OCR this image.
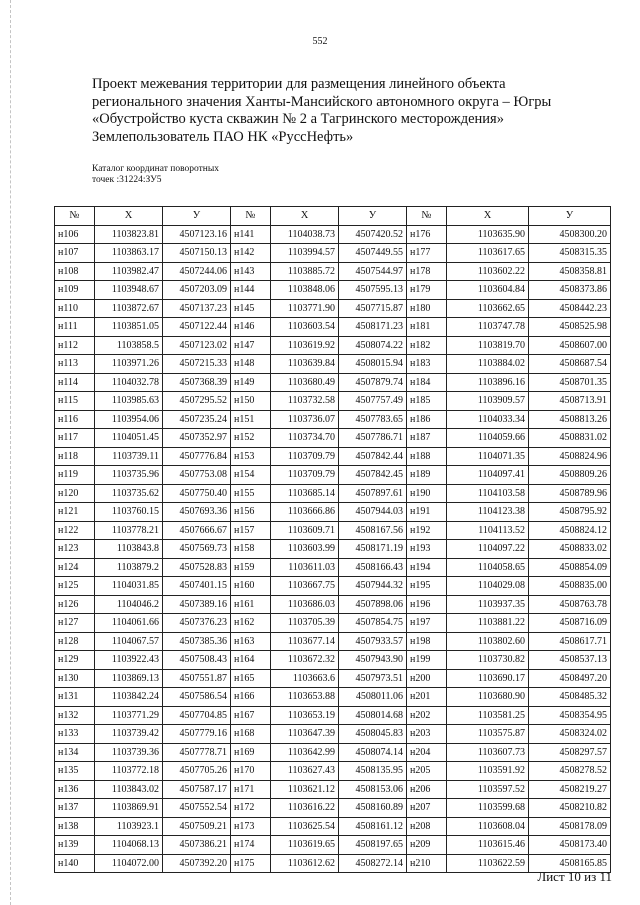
552
Проект межевания территории для размещения линейного объекта
регионального значения Ханты-Мансийского автономного округа – Югры
«Обустройство куста скважин № 2 а Тагринского месторождения»
Землепользователь ПАО НК «РуссНефть»
Каталог координат поворотных
точек :31224:ЗУ5
№	X	У	№	X	У	№	X	У
н106	1103823.81	4507123.16	н141	1104038.73	4507420.52	н176	1103635.90	4508300.20
н107	1103863.17	4507150.13	н142	1103994.57	4507449.55	н177	1103617.65	4508315.35
н108	1103982.47	4507244.06	н143	1103885.72	4507544.97	н178	1103602.22	4508358.81
н109	1103948.67	4507203.09	н144	1103848.06	4507595.13	н179	1103604.84	4508373.86
н110	1103872.67	4507137.23	н145	1103771.90	4507715.87	н180	1103662.65	4508442.23
н111	1103851.05	4507122.44	н146	1103603.54	4508171.23	н181	1103747.78	4508525.98
н112	1103858.5	4507123.02	н147	1103619.92	4508074.22	н182	1103819.70	4508607.00
н113	1103971.26	4507215.33	н148	1103639.84	4508015.94	н183	1103884.02	4508687.54
н114	1104032.78	4507368.39	н149	1103680.49	4507879.74	н184	1103896.16	4508701.35
н115	1103985.63	4507295.52	н150	1103732.58	4507757.49	н185	1103909.57	4508713.91
н116	1103954.06	4507235.24	н151	1103736.07	4507783.65	н186	1104033.34	4508813.26
н117	1104051.45	4507352.97	н152	1103734.70	4507786.71	н187	1104059.66	4508831.02
н118	1103739.11	4507776.84	н153	1103709.79	4507842.44	н188	1104071.35	4508824.96
н119	1103735.96	4507753.08	н154	1103709.79	4507842.45	н189	1104097.41	4508809.26
н120	1103735.62	4507750.40	н155	1103685.14	4507897.61	н190	1104103.58	4508789.96
н121	1103760.15	4507693.36	н156	1103666.86	4507944.03	н191	1104123.38	4508795.92
н122	1103778.21	4507666.67	н157	1103609.71	4508167.56	н192	1104113.52	4508824.12
н123	1103843.8	4507569.73	н158	1103603.99	4508171.19	н193	1104097.22	4508833.02
н124	1103879.2	4507528.83	н159	1103611.03	4508166.43	н194	1104058.65	4508854.09
н125	1104031.85	4507401.15	н160	1103667.75	4507944.32	н195	1104029.08	4508835.00
н126	1104046.2	4507389.16	н161	1103686.03	4507898.06	н196	1103937.35	4508763.78
н127	1104061.66	4507376.23	н162	1103705.39	4507854.75	н197	1103881.22	4508716.09
н128	1104067.57	4507385.36	н163	1103677.14	4507933.57	н198	1103802.60	4508617.71
н129	1103922.43	4507508.43	н164	1103672.32	4507943.90	н199	1103730.82	4508537.13
н130	1103869.13	4507551.87	н165	1103663.6	4507973.51	н200	1103690.17	4508497.20
н131	1103842.24	4507586.54	н166	1103653.88	4508011.06	н201	1103680.90	4508485.32
н132	1103771.29	4507704.85	н167	1103653.19	4508014.68	н202	1103581.25	4508354.95
н133	1103739.42	4507779.16	н168	1103647.39	4508045.83	н203	1103575.87	4508324.02
н134	1103739.36	4507778.71	н169	1103642.99	4508074.14	н204	1103607.73	4508297.57
н135	1103772.18	4507705.26	н170	1103627.43	4508135.95	н205	1103591.92	4508278.52
н136	1103843.02	4507587.17	н171	1103621.12	4508153.06	н206	1103597.52	4508219.27
н137	1103869.91	4507552.54	н172	1103616.22	4508160.89	н207	1103599.68	4508210.82
н138	1103923.1	4507509.21	н173	1103625.54	4508161.12	н208	1103608.04	4508178.09
н139	1104068.13	4507386.21	н174	1103619.65	4508197.65	н209	1103615.46	4508173.40
н140	1104072.00	4507392.20	н175	1103612.62	4508272.14	н210	1103622.59	4508165.85
Лист 10 из 11
